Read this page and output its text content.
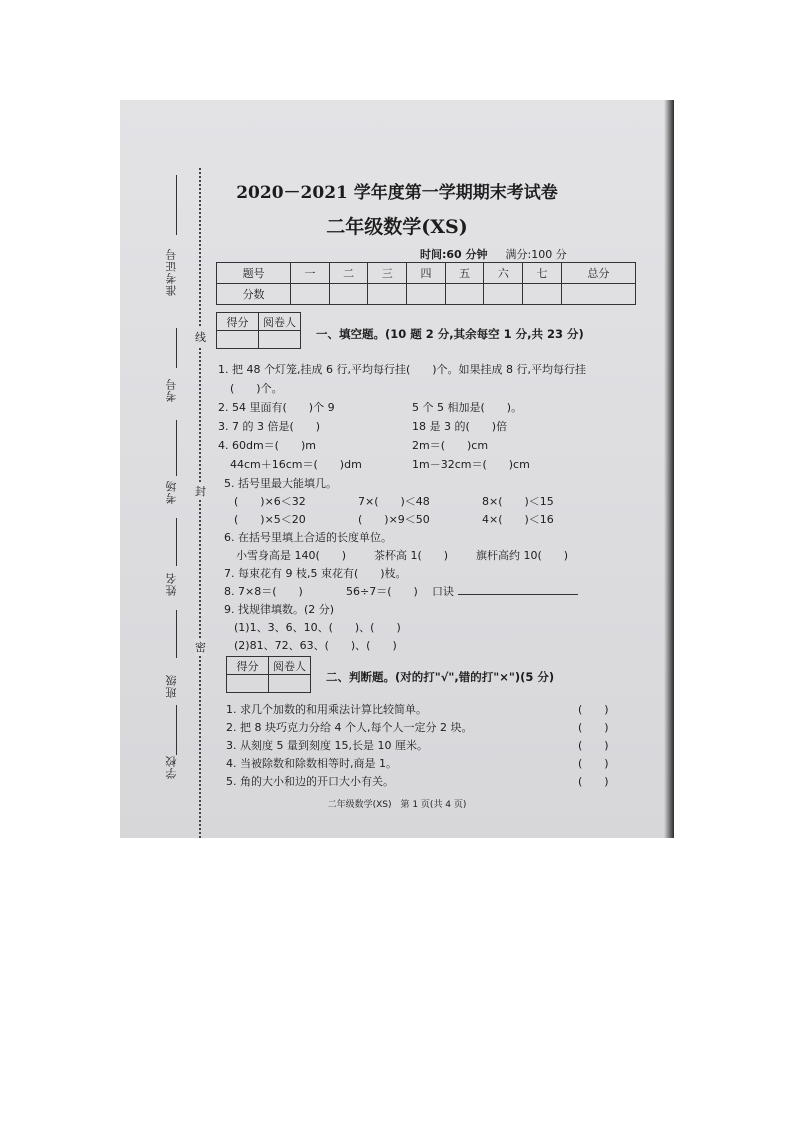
准考证号
考号
考场
姓名
班级
学校
线
封
密
2020－2021 学年度第一学期期末考试卷
二年级数学(XS)
时间:60 分钟 满分:100 分
题号	一	二	三	四	五	六	七	总分
分数								
得分	阅卷人

一、填空题。(10 题 2 分,其余每空 1 分,共 23 分)
1. 把 48 个灯笼,挂成 6 行,平均每行挂(　　)个。如果挂成 8 行,平均每行挂
(　　)个。
2. 54 里面有(　　)个 9	5 个 5 相加是(　　)。
3. 7 的 3 倍是(　　)	18 是 3 的(　　)倍
4. 60dm＝(　　)m	2m＝(　　)cm
44cm＋16cm＝(　　)dm	1m－32cm＝(　　)cm
5. 括号里最大能填几。
(　　)×6＜32	7×(　　)＜48	8×(　　)＜15
(　　)×5＜20	(　　)×9＜50	4×(　　)＜16
6. 在括号里填上合适的长度单位。
小雪身高是 140(　　)	茶杯高 1(　　)	旗杆高约 10(　　)
7. 每束花有 9 枝,5 束花有(　　)枝。
8. 7×8＝(　　)	56÷7＝(　　) 口诀
9. 找规律填数。(2 分)
(1)1、3、6、10、(　　)、(　　)
(2)81、72、63、(　　)、(　　)
得分	阅卷人

二、判断题。(对的打"√",错的打"×")(5 分)
1. 求几个加数的和用乘法计算比较简单。	(　　)
2. 把 8 块巧克力分给 4 个人,每个人一定分 2 块。	(　　)
3. 从刻度 5 量到刻度 15,长是 10 厘米。	(　　)
4. 当被除数和除数相等时,商是 1。	(　　)
5. 角的大小和边的开口大小有关。	(　　)
二年级数学(XS)　第 1 页(共 4 页)
